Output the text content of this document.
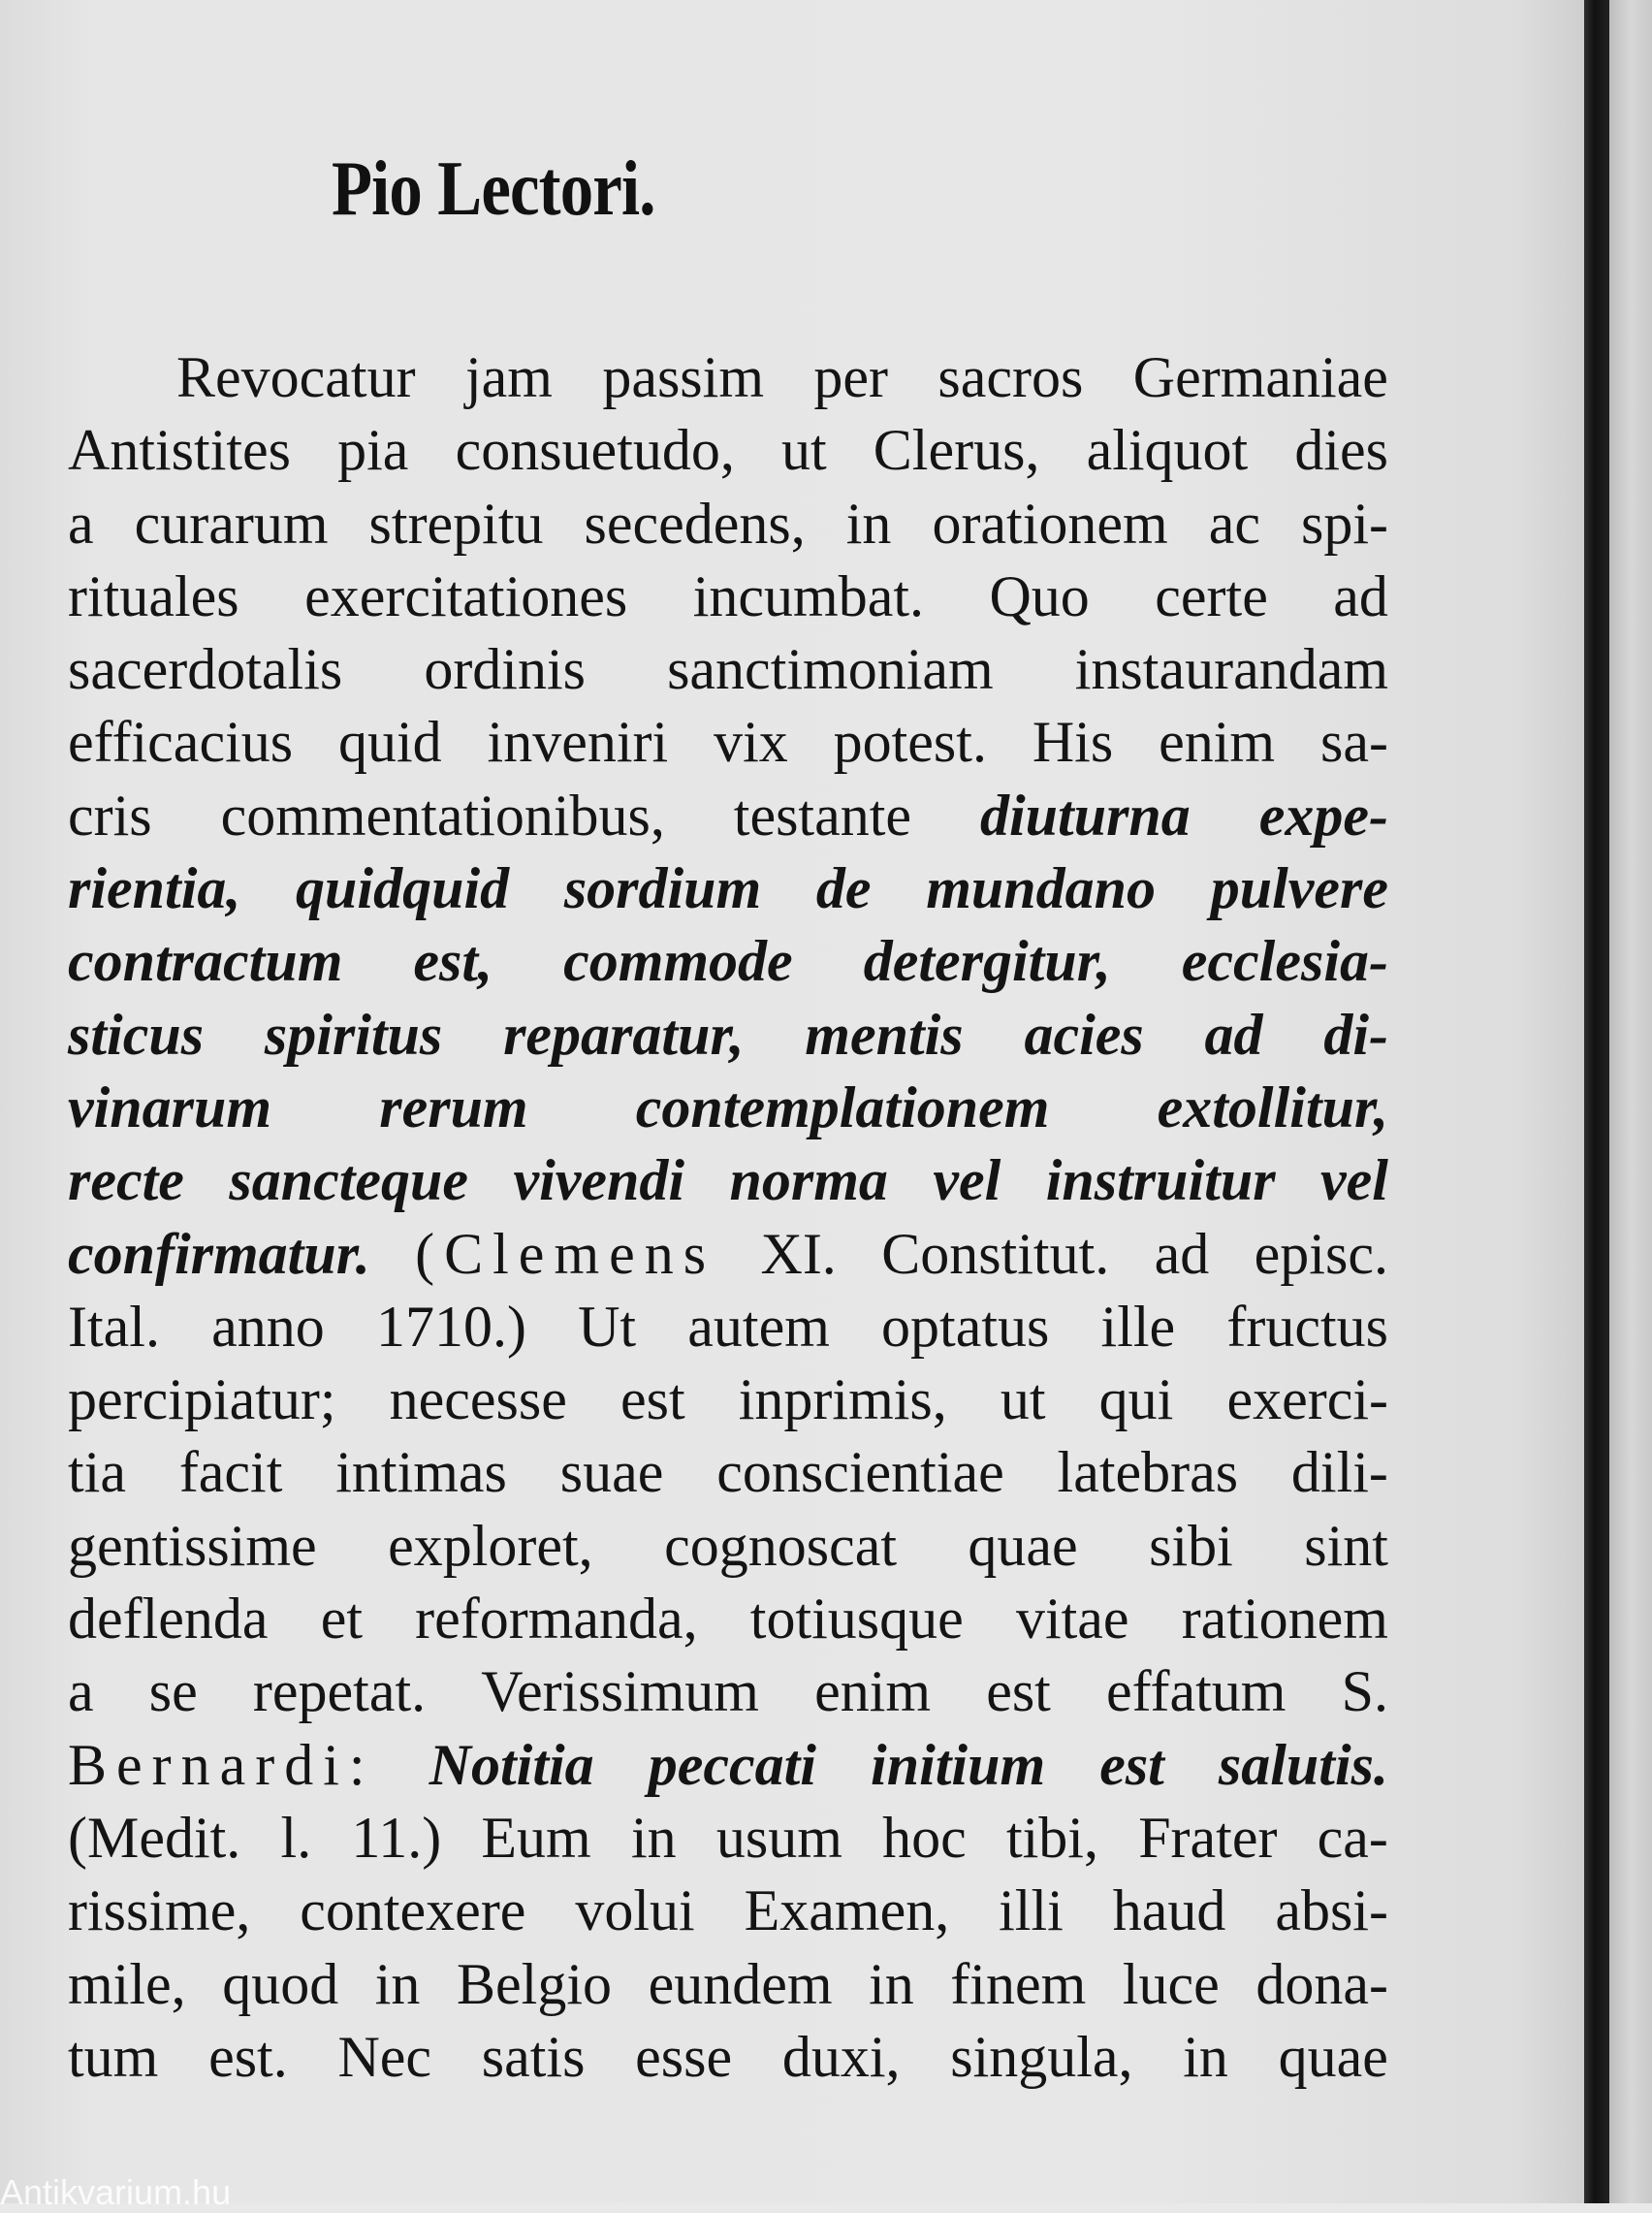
Pio Lectori.
Revocatur jam passim per sacros Germaniae
Antistites pia consuetudo, ut Clerus, aliquot dies
a curarum strepitu secedens, in orationem ac spi-
rituales exercitationes incumbat. Quo certe ad
sacerdotalis ordinis sanctimoniam instaurandam
efficacius quid inveniri vix potest. His enim sa-
cris commentationibus, testante diuturna expe-
rientia, quidquid sordium de mundano pulvere
contractum est, commode detergitur, ecclesia-
sticus spiritus reparatur, mentis acies ad di-
vinarum rerum contemplationem extollitur,
recte sancteque vivendi norma vel instruitur vel
confirmatur. (Clemens XI. Constitut. ad episc.
Ital. anno 1710.) Ut autem optatus ille fructus
percipiatur; necesse est inprimis, ut qui exerci-
tia facit intimas suae conscientiae latebras dili-
gentissime exploret, cognoscat quae sibi sint
deflenda et reformanda, totiusque vitae rationem
a se repetat. Verissimum enim est effatum S.
Bernardi: Notitia peccati initium est salutis.
(Medit. l. 11.) Eum in usum hoc tibi, Frater ca-
rissime, contexere volui Examen, illi haud absi-
mile, quod in Belgio eundem in finem luce dona-
tum est. Nec satis esse duxi, singula, in quae
Antikvarium.hu
